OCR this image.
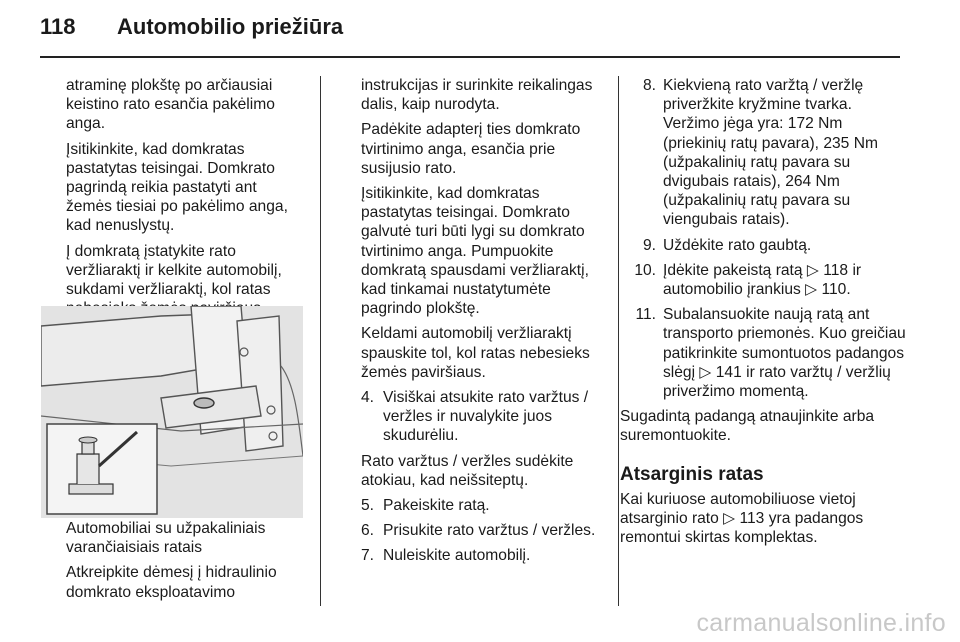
118 Automobilio priežiūra

atraminę plokštę po arčiausiai keistino rato esančia pakėlimo anga.

Įsitikinkite, kad domkratas pastatytas teisingai. Domkrato pagrindą reikia pastatyti ant žemės tiesiai po pakėlimo anga, kad nenuslystų.

Į domkratą įstatykite rato veržliaraktį ir kelkite automobilį, sukdami veržliaraktį, kol ratas

Automobiliai su užpakaliniais varančiaisiais ratais

Atkreipkite dėmesį į hidraulinio domkrato eksploatavimo

instrukcijas ir surinkite reikalingas dalis, kaip nurodyta.

Padėkite adapterį ties domkrato tvirtinimo anga, esančia prie susijusio rato.

Įsitikinkite, kad domkratas pastatytas teisingai. Domkrato galvutė turi būti lygi su domkrato tvirtinimo anga. Pumpuokite domkratą spausdami veržliaraktį, kad tinkamai nustatytumėte pagrindo plokštę.

Keldami automobilį veržliaraktį spauskite tol, kol ratas nebesieks žemės paviršiaus.

4. Visiškai atsukite rato varžtus / veržles ir nuvalykite juos skudurėliu.

Rato varžtus / veržles sudėkite atokiau, kad neišsiteptų.

5. Pakeiskite ratą.
6. Prisukite rato varžtus / veržles.
7. Nuleiskite automobilį.
8. Kiekvieną rato varžtą / veržlę priveržkite kryžmine tvarka. Veržimo jėga yra: 172 Nm (priekinių ratų pavara), 235 Nm (užpakalinių ratų pavara su dvigubais ratais), 264 Nm (užpakalinių ratų pavara su viengubais ratais).
9. Uždėkite rato gaubtą.
10. Įdėkite pakeistą ratą ▷ 118 ir automobilio įrankius ▷ 110.
11. Subalansuokite naują ratą ant transporto priemonės. Kuo greičiau patikrinkite sumontuotos padangos slėgį ▷ 141 ir rato varžtų / veržlių priveržimo momentą.

Sugadintą padangą atnaujinkite arba suremontuokite.

Atsarginis ratas

Kai kuriuose automobiliuose vietoj atsarginio rato ▷ 113 yra padangos remontui skirtas komplektas.

carmanualsonline.info
